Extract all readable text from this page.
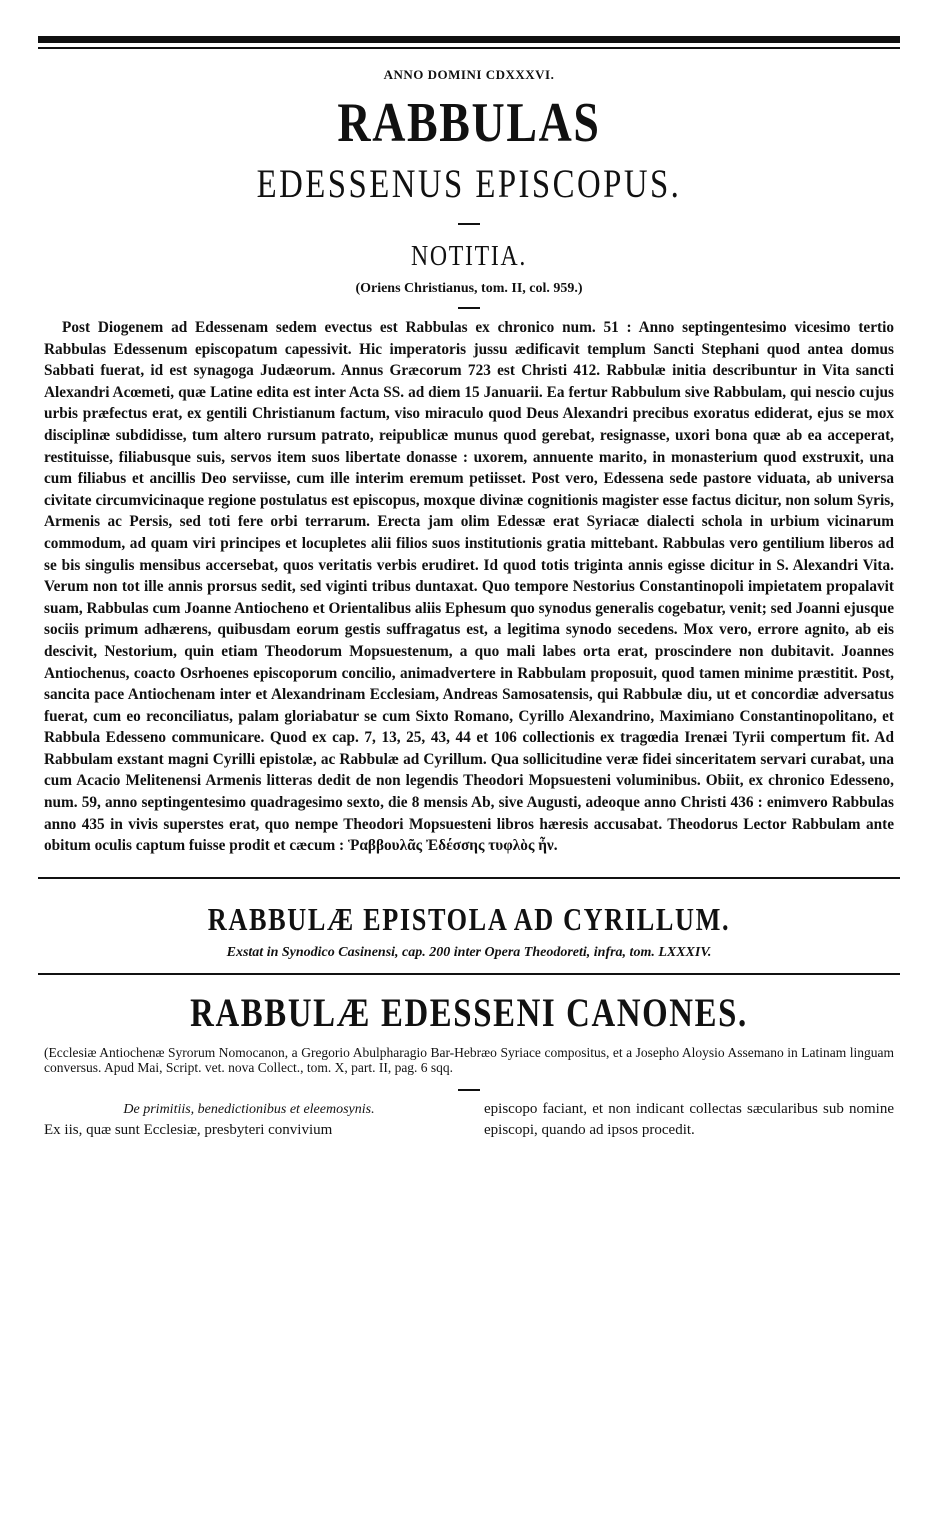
ANNO DOMINI CDXXXVI.
RABBULAS
EDESSENUS EPISCOPUS.
NOTITIA.
(Oriens Christianus, tom. II, col. 959.)
Post Diogenem ad Edessenam sedem evectus est Rabbulas ex chronico num. 51 : Anno septingentesimo vicesimo tertio Rabbulas Edessenum episcopatum capessivit. Hic imperatoris jussu ædificavit templum Sancti Stephani quod antea domus Sabbati fuerat, id est synagoga Judæorum. Annus Græcorum 723 est Christi 412. Rabbulæ initia describuntur in Vita sancti Alexandri Acœmeti, quæ Latine edita est inter Acta SS. ad diem 15 Januarii. Ea fertur Rabbulum sive Rabbulam, qui nescio cujus urbis præfectus erat, ex gentili Christianum factum, viso miraculo quod Deus Alexandri precibus exoratus ediderat, ejus se mox disciplinæ subdidisse, tum altero rursum patrato, reipublicæ munus quod gerebat, resignasse, uxori bona quæ ab ea acceperat, restituisse, filiabusque suis, servos item suos libertate donasse : uxorem, annuente marito, in monasterium quod exstruxit, una cum filiabus et ancillis Deo serviisse, cum ille interim eremum petiisset. Post vero, Edessena sede pastore viduata, ab universa civitate circumvicinaque regione postulatus est episcopus, moxque divinæ cognitionis magister esse factus dicitur, non solum Syris, Armenis ac Persis, sed toti fere orbi terrarum. Erecta jam olim Edessæ erat Syriacæ dialecti schola in urbium vicinarum commodum, ad quam viri principes et locupletes alii filios suos institutionis gratia mittebant. Rabbulas vero gentilium liberos ad se bis singulis mensibus accersebat, quos veritatis verbis erudiret. Id quod totis triginta annis egisse dicitur in S. Alexandri Vita. Verum non tot ille annis prorsus sedit, sed viginti tribus duntaxat. Quo tempore Nestorius Constantinopoli impietatem propalavit suam, Rabbulas cum Joanne Antiocheno et Orientalibus aliis Ephesum quo synodus generalis cogebatur, venit; sed Joanni ejusque sociis primum adhærens, quibusdam eorum gestis suffragatus est, a legitima synodo secedens. Mox vero, errore agnito, ab eis descivit, Nestorium, quin etiam Theodorum Mopsuestenum, a quo mali labes orta erat, proscindere non dubitavit. Joannes Antiochenus, coacto Osrhoenes episcoporum concilio, animadvertere in Rabbulam proposuit, quod tamen minime præstitit. Post, sancita pace Antiochenam inter et Alexandrinam Ecclesiam, Andreas Samosatensis, qui Rabbulæ diu, ut et concordiæ adversatus fuerat, cum eo reconciliatus, palam gloriabatur se cum Sixto Romano, Cyrillo Alexandrino, Maximiano Constantinopolitano, et Rabbula Edesseno communicare. Quod ex cap. 7, 13, 25, 43, 44 et 106 collectionis ex tragœdia Irenæi Tyrii compertum fit. Ad Rabbulam exstant magni Cyrilli epistolæ, ac Rabbulæ ad Cyrillum. Qua sollicitudine veræ fidei sinceritatem servari curabat, una cum Acacio Melitenensi Armenis litteras dedit de non legendis Theodori Mopsuesteni voluminibus. Obiit, ex chronico Edesseno, num. 59, anno septingentesimo quadragesimo sexto, die 8 mensis Ab, sive Augusti, adeoque anno Christi 436 : enimvero Rabbulas anno 435 in vivis superstes erat, quo nempe Theodori Mopsuesteni libros hæresis accusabat. Theodorus Lector Rabbulam ante obitum oculis captum fuisse prodit et cæcum : Ῥαββουλᾶς Ἐδέσσης τυφλὸς ἦν.
RABBULÆ EPISTOLA AD CYRILLUM.
Exstat in Synodico Casinensi, cap. 200 inter Opera Theodoreti, infra, tom. LXXXIV.
RABBULÆ EDESSENI CANONES.
(Ecclesiæ Antiochenæ Syrorum Nomocanon, a Gregorio Abulpharagio Bar-Hebræo Syriace compositus, et a Josepho Aloysio Assemano in Latinam linguam conversus. Apud Mai, Script. vet. nova Collect., tom. X, part. II, pag. 6 sqq.
De primitiis, benedictionibus et eleemosynis.

Ex iis, quæ sunt Ecclesiæ, presbyteri convivium

episcopo faciant, et non indicant collectas sæcularibus sub nomine episcopi, quando ad ipsos procedit.
